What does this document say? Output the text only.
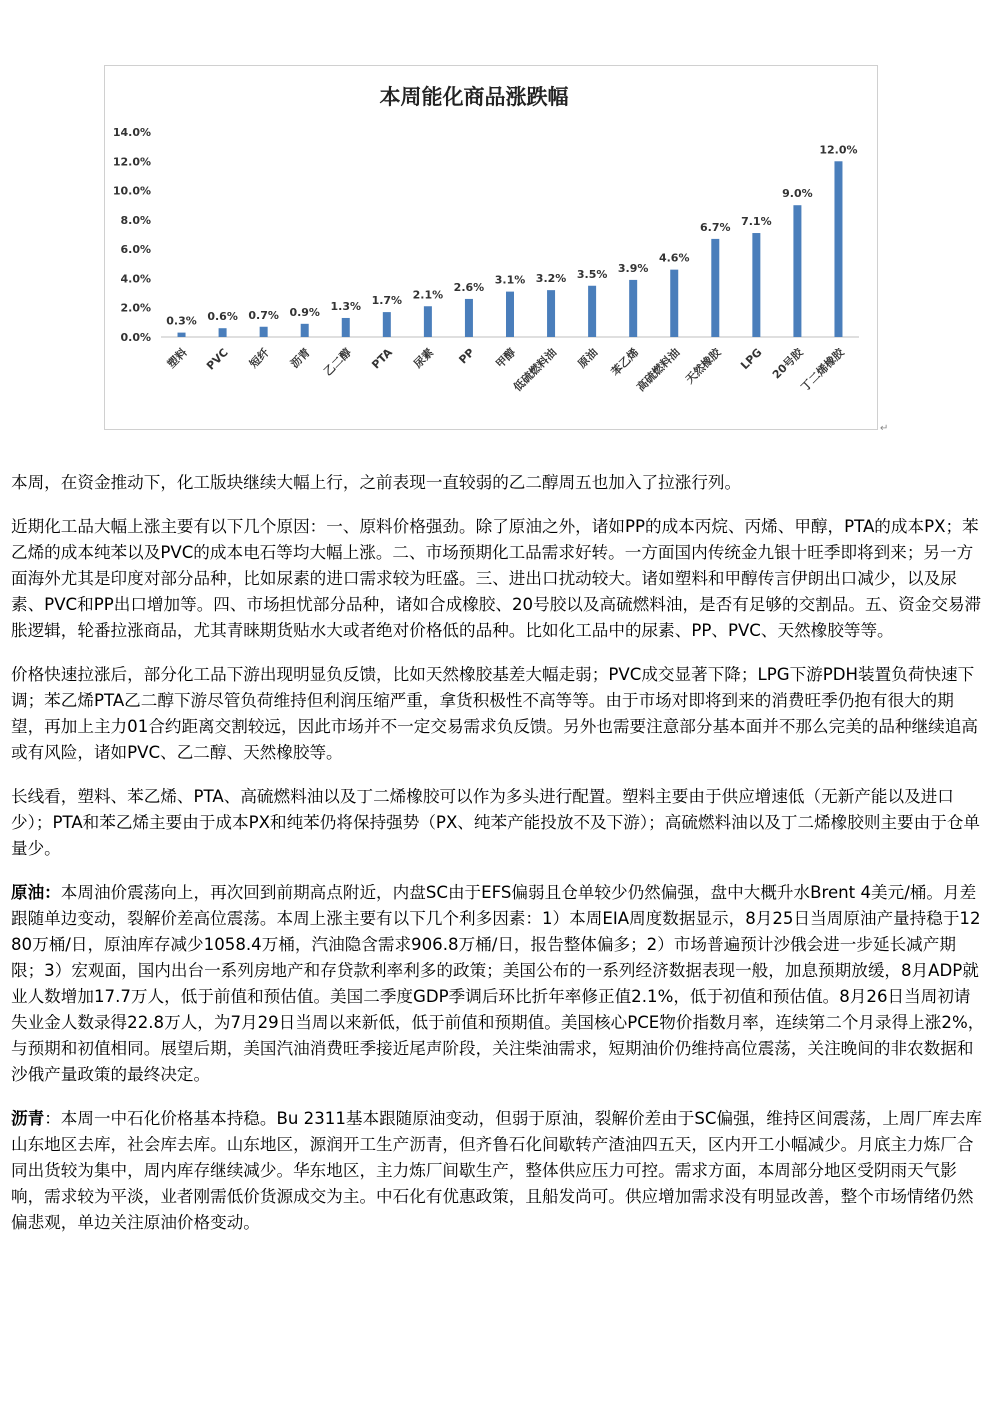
本周能化商品涨跌幅
14.0%
12.0%
10.0%
8.0%
6.0%
4.0%
2.0%
0.0%
0.3% 0.6% 0.7% 0.9% 1.3% 1.7% 2.1%
2.6%
3.1% 3.2% 3.5% 3.9%
4.6%
6.7% 7.1%
9.0%
12.0%
塑料 PVC 短纤 沥青 乙二醇 PTA 尿素 PP 甲醇
低硫燃料油 原油 苯乙烯
高硫燃料油 天然橡胶 LPG 20号胶
丁二烯橡胶
↵

本周，在资金推动下，化工版块继续大幅上行，之前表现一直较弱的乙二醇周五也加入了拉涨行列。

近期化工品大幅上涨主要有以下几个原因：一、原料价格强劲。除了原油之外，诸如PP的成本丙烷、丙烯、甲醇，PTA的成本PX；苯乙烯的成本纯苯以及PVC的成本电石等均大幅上涨。二、市场预期化工品需求好转。一方面国内传统金九银十旺季即将到来；另一方面海外尤其是印度对部分品种，比如尿素的进口需求较为旺盛。三、进出口扰动较大。诸如塑料和甲醇传言伊朗出口减少，以及尿素、PVC和PP出口增加等。四、市场担忧部分品种，诸如合成橡胶、20号胶以及高硫燃料油，是否有足够的交割品。五、资金交易滞胀逻辑，轮番拉涨商品，尤其青睐期货贴水大或者绝对价格低的品种。比如化工品中的尿素、PP、PVC、天然橡胶等等。

价格快速拉涨后，部分化工品下游出现明显负反馈，比如天然橡胶基差大幅走弱；PVC成交显著下降；LPG下游PDH装置负荷快速下调；苯乙烯PTA乙二醇下游尽管负荷维持但利润压缩严重，拿货积极性不高等等。由于市场对即将到来的消费旺季仍抱有很大的期望，再加上主力01合约距离交割较远，因此市场并不一定交易需求负反馈。另外也需要注意部分基本面并不那么完美的品种继续追高或有风险，诸如PVC、乙二醇、天然橡胶等。

长线看，塑料、苯乙烯、PTA、高硫燃料油以及丁二烯橡胶可以作为多头进行配置。塑料主要由于供应增速低（无新产能以及进口少）；PTA和苯乙烯主要由于成本PX和纯苯仍将保持强势（PX、纯苯产能投放不及下游）；高硫燃料油以及丁二烯橡胶则主要由于仓单量少。

原油：本周油价震荡向上，再次回到前期高点附近，内盘SC由于EFS偏弱且仓单较少仍然偏强，盘中大概升水Brent 4美元/桶。月差跟随单边变动，裂解价差高位震荡。本周上涨主要有以下几个利多因素：1）本周EIA周度数据显示，8月25日当周原油产量持稳于1280万桶/日，原油库存减少1058.4万桶，汽油隐含需求906.8万桶/日，报告整体偏多；2）市场普遍预计沙俄会进一步延长减产期限；3）宏观面，国内出台一系列房地产和存贷款利率利多的政策；美国公布的一系列经济数据表现一般，加息预期放缓，8月ADP就业人数增加17.7万人，低于前值和预估值。美国二季度GDP季调后环比折年率修正值2.1%，低于初值和预估值。8月26日当周初请失业金人数录得22.8万人，为7月29日当周以来新低，低于前值和预期值。美国核心PCE物价指数月率，连续第二个月录得上涨2%，与预期和初值相同。展望后期，美国汽油消费旺季接近尾声阶段，关注柴油需求，短期油价仍维持高位震荡，关注晚间的非农数据和沙俄产量政策的最终决定。

沥青：本周一中石化价格基本持稳。Bu 2311基本跟随原油变动，但弱于原油，裂解价差由于SC偏强，维持区间震荡，上周厂库去库山东地区去库，社会库去库。山东地区，源润开工生产沥青，但齐鲁石化间歇转产渣油四五天，区内开工小幅减少。月底主力炼厂合同出货较为集中，周内库存继续减少。华东地区，主力炼厂间歇生产，整体供应压力可控。需求方面，本周部分地区受阴雨天气影响，需求较为平淡，业者刚需低价货源成交为主。中石化有优惠政策，且船发尚可。供应增加需求没有明显改善，整个市场情绪仍然偏悲观，单边关注原油价格变动。
